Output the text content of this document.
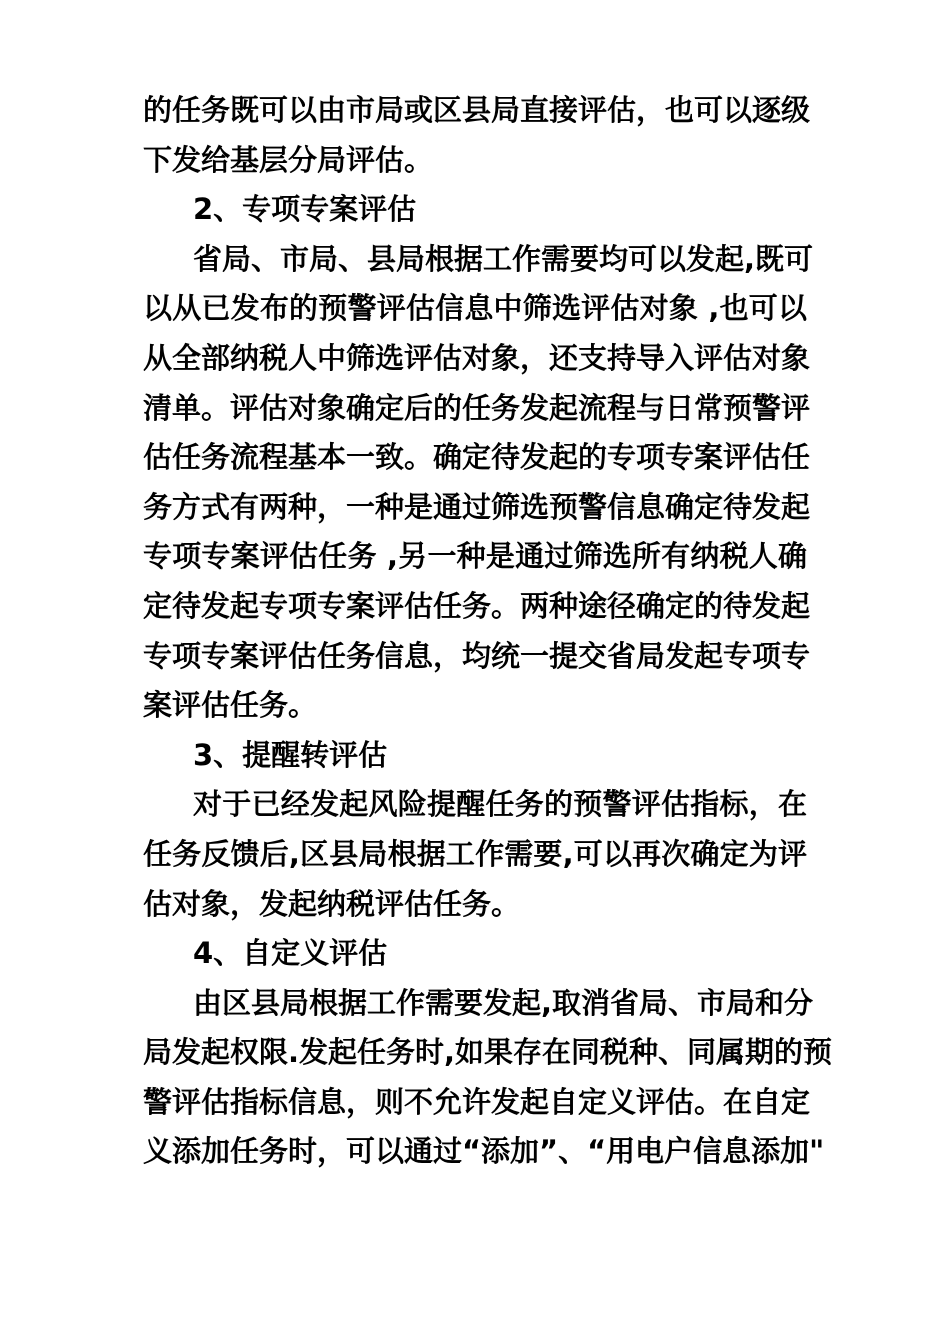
的任务既可以由市局或区县局直接评估，也可以逐级
下发给基层分局评估。
2、专项专案评估
省局、市局、县局根据工作需要均可以发起,既可
以从已发布的预警评估信息中筛选评估对象 ,也可以
从全部纳税人中筛选评估对象，还支持导入评估对象
清单。评估对象确定后的任务发起流程与日常预警评
估任务流程基本一致。确定待发起的专项专案评估任
务方式有两种，一种是通过筛选预警信息确定待发起
专项专案评估任务 ,另一种是通过筛选所有纳税人确
定待发起专项专案评估任务。两种途径确定的待发起
专项专案评估任务信息，均统一提交省局发起专项专
案评估任务。
3、提醒转评估
对于已经发起风险提醒任务的预警评估指标，在
任务反馈后,区县局根据工作需要,可以再次确定为评
估对象，发起纳税评估任务。
4、自定义评估
由区县局根据工作需要发起,取消省局、市局和分
局发起权限.发起任务时,如果存在同税种、同属期的预
警评估指标信息，则不允许发起自定义评估。在自定
义添加任务时，可以通过“添加”、“用电户信息添加"
